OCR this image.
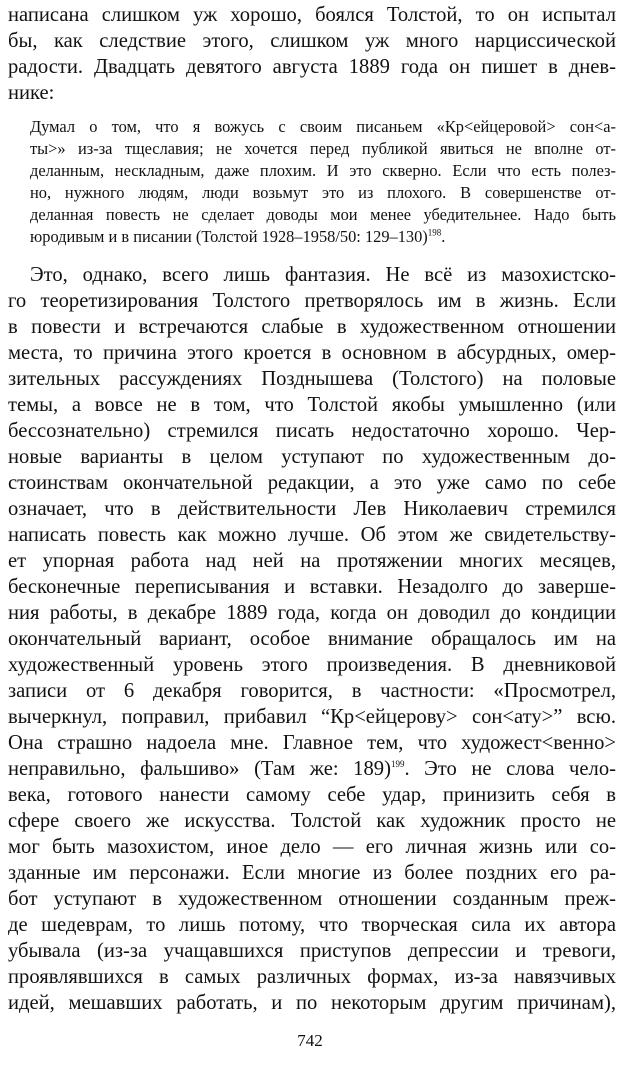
написана слишком уж хорошо, боялся Толстой, то он испытал
бы, как следствие этого, слишком уж много нарциссической
радости. Двадцать девятого августа 1889 года он пишет в днев-
нике:
Думал о том, что я вожусь с своим писаньем «Кр<ейцеровой> сон<а-
ты>» из-за тщеславия; не хочется перед публикой явиться не вполне от-
деланным, нескладным, даже плохим. И это скверно. Если что есть полез-
но, нужного людям, люди возьмут это из плохого. В совершенстве от-
деланная повесть не сделает доводы мои менее убедительнее. Надо быть
юродивым и в писании (Толстой 1928–1958/50: 129–130)$^{198}$.
Это, однако, всего лишь фантазия. Не всё из мазохистско-
го теоретизирования Толстого претворялось им в жизнь. Если
в повести и встречаются слабые в художественном отношении
места, то причина этого кроется в основном в абсурдных, омер-
зительных рассуждениях Позднышева (Толстого) на половые
темы, а вовсе не в том, что Толстой якобы умышленно (или
бессознательно) стремился писать недостаточно хорошо. Чер-
новые варианты в целом уступают по художественным до-
стоинствам окончательной редакции, а это уже само по себе
означает, что в действительности Лев Николаевич стремился
написать повесть как можно лучше. Об этом же свидетельству-
ет упорная работа над ней на протяжении многих месяцев,
бесконечные переписывания и вставки. Незадолго до заверше-
ния работы, в декабре 1889 года, когда он доводил до кондиции
окончательный вариант, особое внимание обращалось им на
художественный уровень этого произведения. В дневниковой
записи от 6 декабря говорится, в частности: «Просмотрел,
вычеркнул, поправил, прибавил “Кр<ейцерову> сон<ату>” всю.
Она страшно надоела мне. Главное тем, что художест<венно>
неправильно, фальшиво» (Там же: 189)$^{199}$. Это не слова чело-
века, готового нанести самому себе удар, принизить себя в
сфере своего же искусства. Толстой как художник просто не
мог быть мазохистом, иное дело — его личная жизнь или со-
зданные им персонажи. Если многие из более поздних его ра-
бот уступают в художественном отношении созданным преж-
де шедеврам, то лишь потому, что творческая сила их автора
убывала (из-за учащавшихся приступов депрессии и тревоги,
проявлявшихся в самых различных формах, из-за навязчивых
идей, мешавших работать, и по некоторым другим причинам),
742
